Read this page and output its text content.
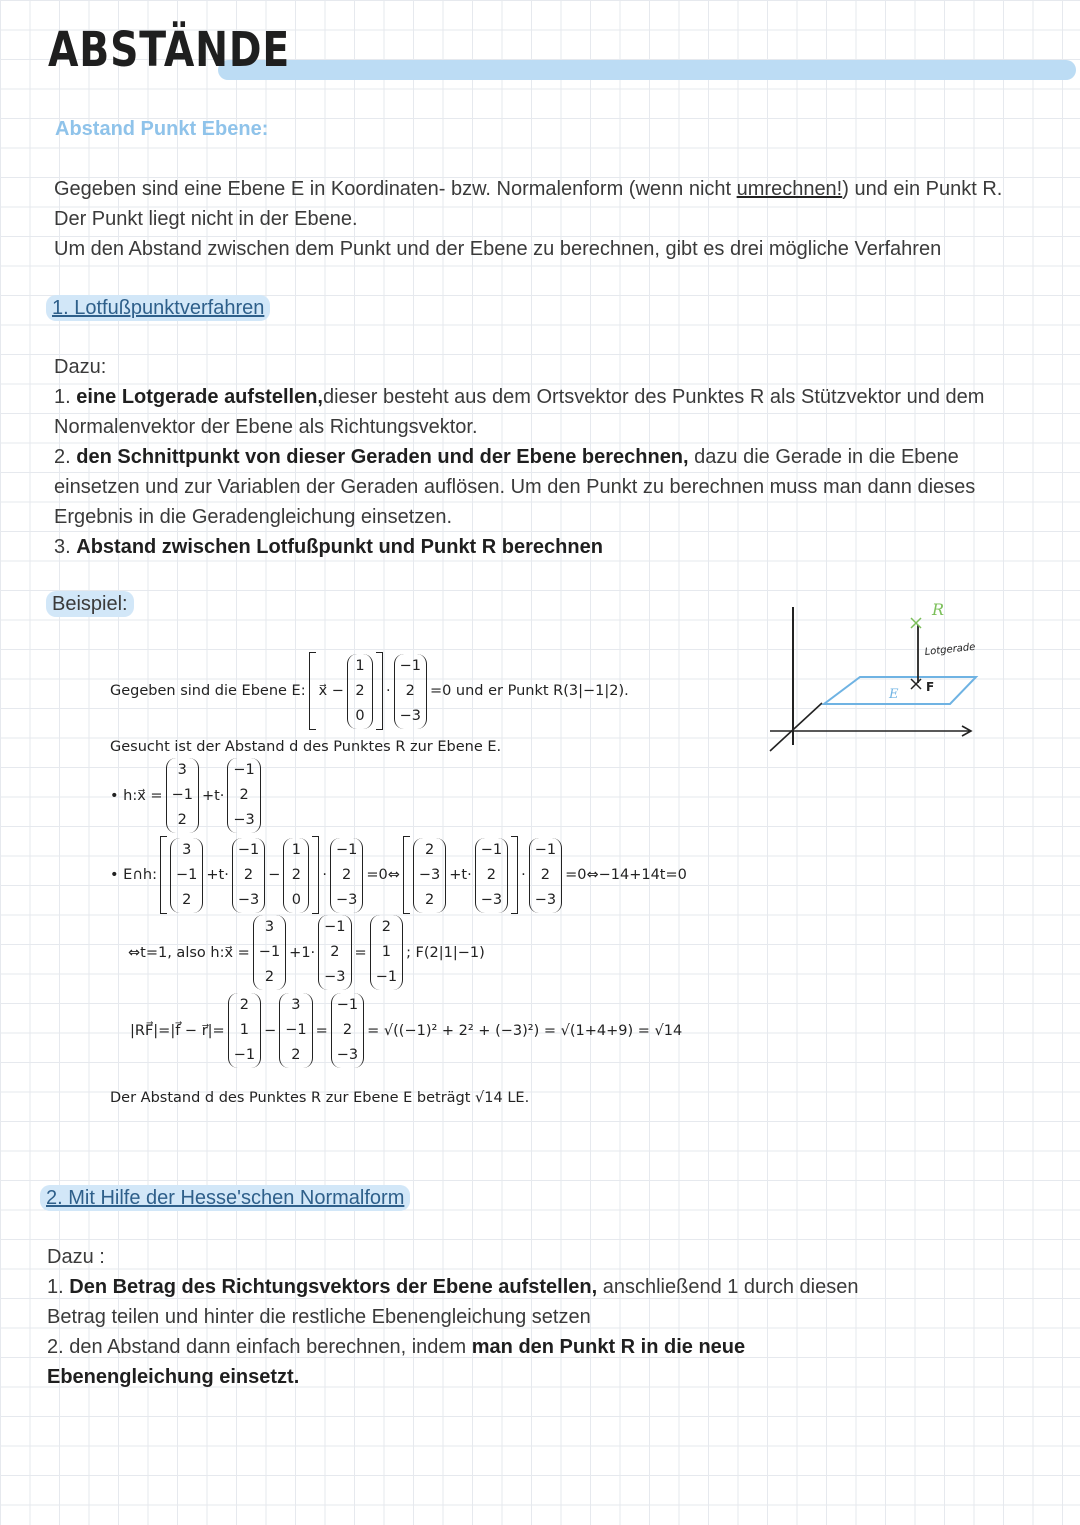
ABSTÄNDE
Abstand Punkt Ebene:
Gegeben sind eine Ebene E in Koordinaten- bzw. Normalenform (wenn nicht umrechnen!) und ein Punkt R.
Der Punkt liegt nicht in der Ebene.
Um den Abstand zwischen dem Punkt und der Ebene zu berechnen, gibt es drei mögliche Verfahren
1. Lotfußpunktverfahren
Dazu:
1. eine Lotgerade aufstellen,dieser besteht aus dem Ortsvektor des Punktes R als Stützvektor und dem
Normalenvektor der Ebene als Richtungsvektor.
2. den Schnittpunkt von dieser Geraden und der Ebene berechnen, dazu die Gerade in die Ebene
einsetzen und zur Variablen der Geraden auflösen. Um den Punkt zu berechnen muss man dann dieses
Ergebnis in die Geradengleichung einsetzen.
3. Abstand zwischen Lotfußpunkt und Punkt R berechnen
Beispiel:
Gegeben sind die Ebene E: x⃗ −
1
2
0
·
−1
2
−3
=0 und er Punkt R(3|−1|2).
Gesucht ist der Abstand d des Punktes R zur Ebene E.
• h:x⃗ =
3
−1
2
+t·
−1
2
−3
• E∩h:
3
−1
2
+t·
−1
2
−3
−
1
2
0
·
−1
2
−3
=0⇔
2
−3
2
+t·
−1
2
−3
·
−1
2
−3
=0⇔−14+14t=0
⇔t=1, also h:x⃗ =
3
−1
2
+1·
−1
2
−3
=
2
1
−1
; F(2|1|−1)
|RF⃗|=|f⃗ − r⃗|=
2
1
−1
−
3
−1
2
=
−1
2
−3
= √((−1)² + 2² + (−3)²) = √(1+4+9) = √14
Der Abstand d des Punktes R zur Ebene E beträgt √14 LE.
R
Lotgerade
E F
2. Mit Hilfe der Hesse'schen Normalform
Dazu :
1. Den Betrag des Richtungsvektors der Ebene aufstellen, anschließend 1 durch diesen
Betrag teilen und hinter die restliche Ebenengleichung setzen
2. den Abstand dann einfach berechnen, indem man den Punkt R in die neue
Ebenengleichung einsetzt.
